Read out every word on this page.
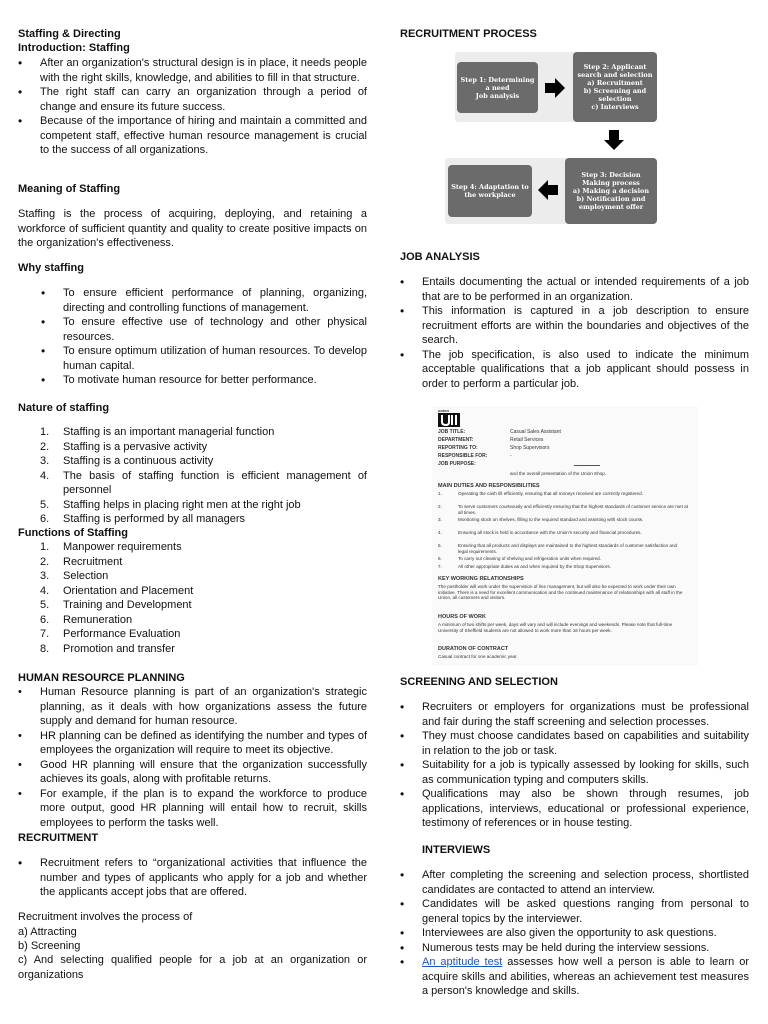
Staffing & Directing
Introduction: Staffing
• After an organization's structural design is in place, it needs people with the right skills, knowledge, and abilities to fill in that structure.
• The right staff can carry an organization through a period of change and ensure its future success.
• Because of the importance of hiring and maintain a committed and competent staff, effective human resource management is crucial to the success of all organizations.
Meaning of Staffing
Staffing is the process of acquiring, deploying, and retaining a workforce of sufficient quantity and quality to create positive impacts on the organization's effectiveness.
Why staffing
• To ensure efficient performance of planning, organizing, directing and controlling functions of management.
• To ensure effective use of technology and other physical resources.
• To ensure optimum utilization of human resources. To develop human capital.
• To motivate human resource for better performance.
Nature of staffing
1. Staffing is an important managerial function
2. Staffing is a pervasive activity
3. Staffing is a continuous activity
4. The basis of staffing function is efficient management of personnel
5. Staffing helps in placing right men at the right job
6. Staffing is performed by all managers
Functions of Staffing
1. Manpower requirements
2. Recruitment
3. Selection
4. Orientation and Placement
5. Training and Development
6. Remuneration
7. Performance Evaluation
8. Promotion and transfer
HUMAN RESOURCE PLANNING
• Human Resource planning is part of an organization's strategic planning, as it deals with how organizations assess the future supply and demand for human resource.
• HR planning can be defined as identifying the number and types of employees the organization will require to meet its objective.
• Good HR planning will ensure that the organization successfully achieves its goals, along with profitable returns.
• For example, if the plan is to expand the workforce to produce more output, good HR planning will entail how to recruit, skills employees to perform the tasks well.
RECRUITMENT
• Recruitment refers to “organizational activities that influence the number and types of applicants who apply for a job and whether the applicants accept jobs that are offered.
Recruitment involves the process of
a) Attracting
b) Screening
c) And selecting qualified people for a job at an organization or organizations
RECRUITMENT PROCESS
JOB ANALYSIS
• Entails documenting the actual or intended requirements of a job that are to be performed in an organization.
• This information is captured in a job description to ensure recruitment efforts are within the boundaries and objectives of the search.
• The job specification, is also used to indicate the minimum acceptable qualifications that a job applicant should possess in order to perform a particular job.
SCREENING AND SELECTION
• Recruiters or employers for organizations must be professional and fair during the staff screening and selection processes.
• They must choose candidates based on capabilities and suitability in relation to the job or task.
• Suitability for a job is typically assessed by looking for skills, such as communication typing and computers skills.
• Qualifications may also be shown through resumes, job applications, interviews, educational or professional experience, testimony of references or in house testing.
INTERVIEWS
• After completing the screening and selection process, shortlisted candidates are contacted to attend an interview.
• Candidates will be asked questions ranging from personal to general topics by the interviewer.
• Interviewees are also given the opportunity to ask questions.
• Numerous tests may be held during the interview sessions.
• An aptitude test assesses how well a person is able to learn or acquire skills and abilities, whereas an achievement test measures a person's knowledge and skills.
Step 1: Determining
a need
Job analysis
Step 2: Applicant
search and selection
a) Recruitment
b) Screening and
selection
c) Interviews
Step 3: Decision
Making process
a) Making a decision
b) Notification and
employment offer
Step 4: Adaptation to
the workplace
union
JOB TITLE:	Casual Sales Assistant
DEPARTMENT:	Retail Services
REPORTING TO:	Shop Supervisors
RESPONSIBLE FOR:	-
JOB PURPOSE:
and the overall presentation of the Union Shop.
MAIN DUTIES AND RESPONSIBILITIES
1.	Operating the cash till efficiently, ensuring that all moneys received are correctly registered.
2.	To serve customers courteously and efficiently ensuring that the highest standards of customer service are met at all times.
3.	Monitoring stock on shelves, filling to the required standard and assisting with stock counts.
4.	Ensuring all stock is held in accordance with the Union's security and financial procedures.
5.	Ensuring that all products and displays are maintained to the highest standards of customer satisfaction and legal requirements.
6.	To carry out cleaning of shelving and refrigeration units when required.
7.	All other appropriate duties as and when required by the Shop Supervisors.
KEY WORKING RELATIONSHIPS
The postholder will work under the supervision of line management, but will also be expected to work under their own initiative. There is a need for excellent communication and the continued maintenance of relationships with all staff in the Union, all customers and visitors.
HOURS OF WORK
A minimum of two shifts per week, days will vary and will include evenings and weekends. Please note that full-time University of Sheffield students are not allowed to work more than 16 hours per week.
DURATION OF CONTRACT
Casual contract for one academic year.
